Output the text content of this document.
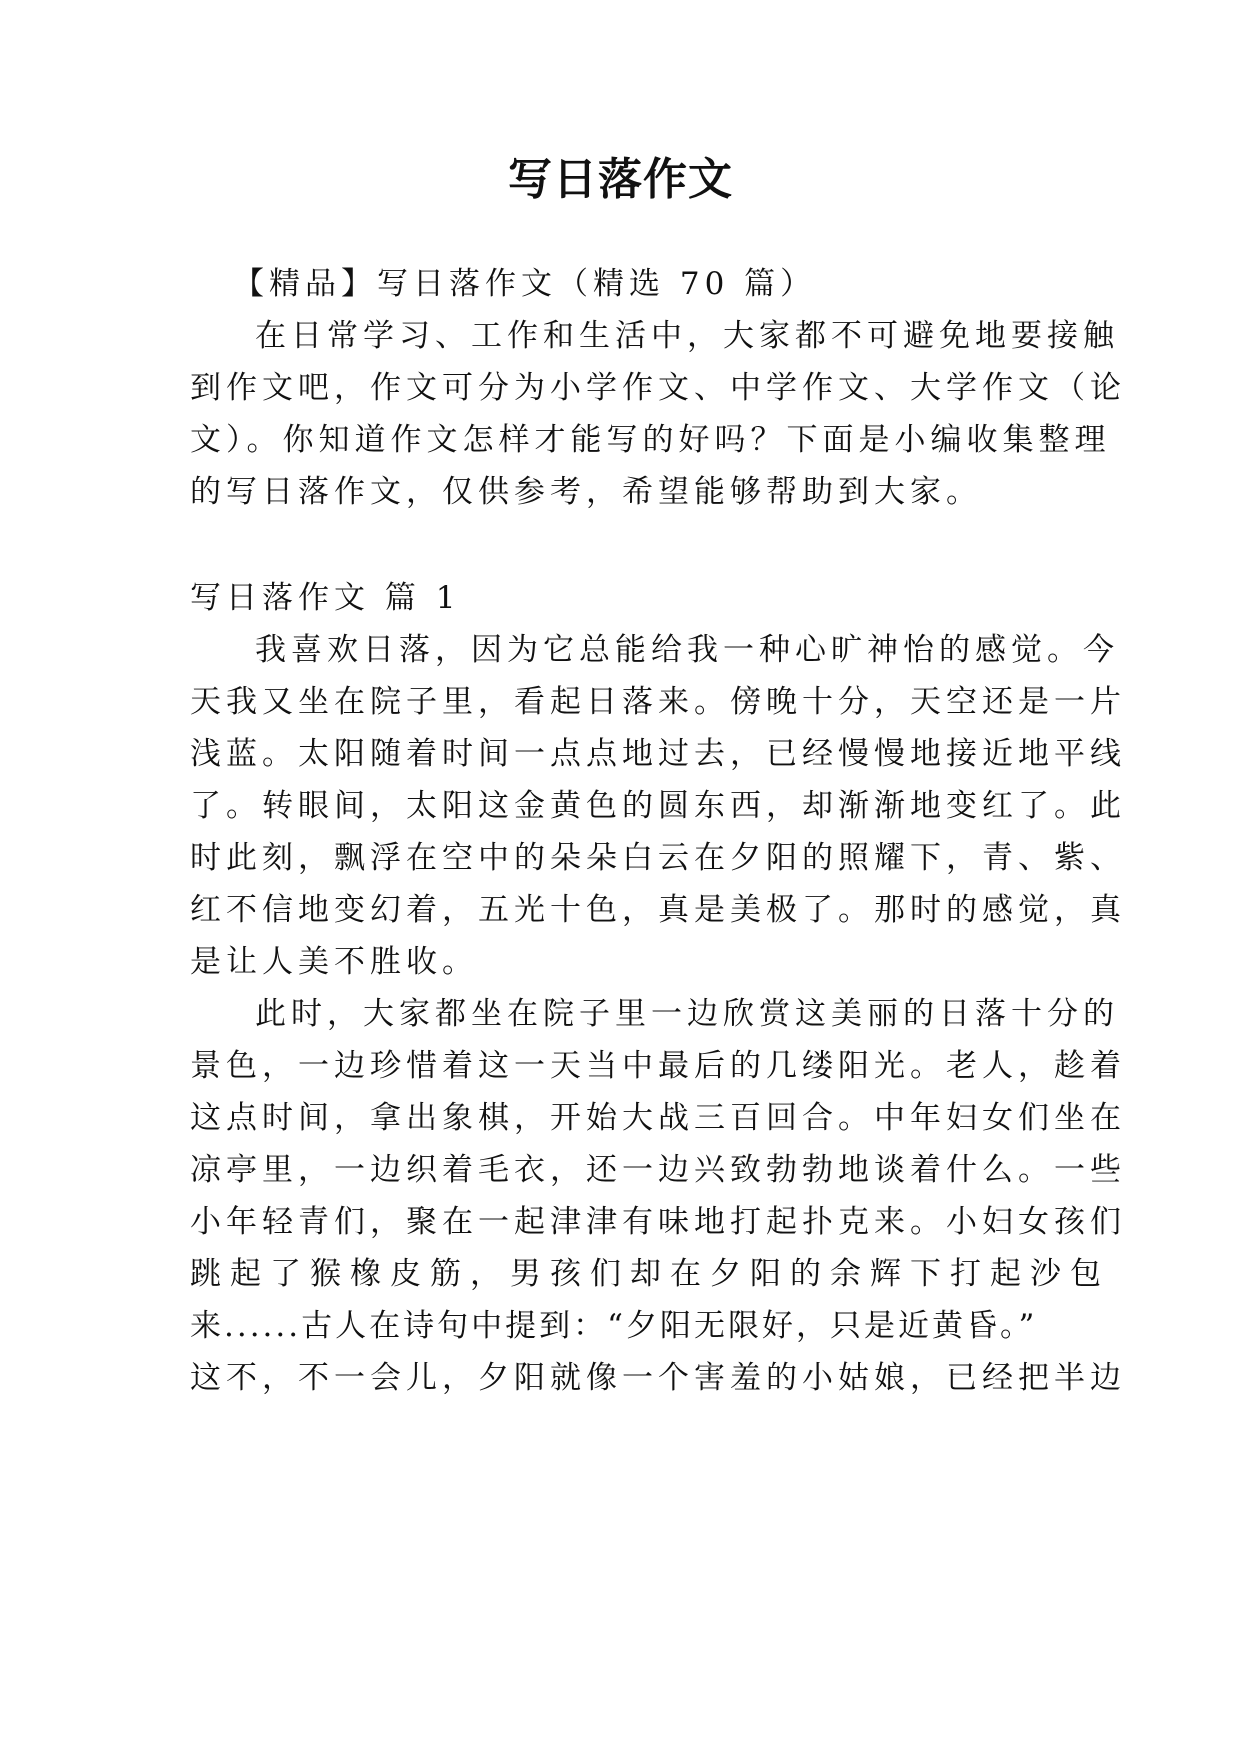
写日落作文
【精品】写日落作文（精选 70 篇）
在日常学习、工作和生活中，大家都不可避免地要接触
到作文吧，作文可分为小学作文、中学作文、大学作文（论
文）。你知道作文怎样才能写的好吗？下面是小编收集整理
的写日落作文，仅供参考，希望能够帮助到大家。
写日落作文 篇 1
我喜欢日落，因为它总能给我一种心旷神怡的感觉。今
天我又坐在院子里，看起日落来。傍晚十分，天空还是一片
浅蓝。太阳随着时间一点点地过去，已经慢慢地接近地平线
了。转眼间，太阳这金黄色的圆东西，却渐渐地变红了。此
时此刻，飘浮在空中的朵朵白云在夕阳的照耀下，青、紫、
红不信地变幻着，五光十色，真是美极了。那时的感觉，真
是让人美不胜收。
此时，大家都坐在院子里一边欣赏这美丽的日落十分的
景色，一边珍惜着这一天当中最后的几缕阳光。老人，趁着
这点时间，拿出象棋，开始大战三百回合。中年妇女们坐在
凉亭里，一边织着毛衣，还一边兴致勃勃地谈着什么。一些
小年轻青们，聚在一起津津有味地打起扑克来。小妇女孩们
跳起了猴橡皮筋，男孩们却在夕阳的余辉下打起沙包
来......古人在诗句中提到：“夕阳无限好，只是近黄昏。”
这不，不一会儿，夕阳就像一个害羞的小姑娘，已经把半边
